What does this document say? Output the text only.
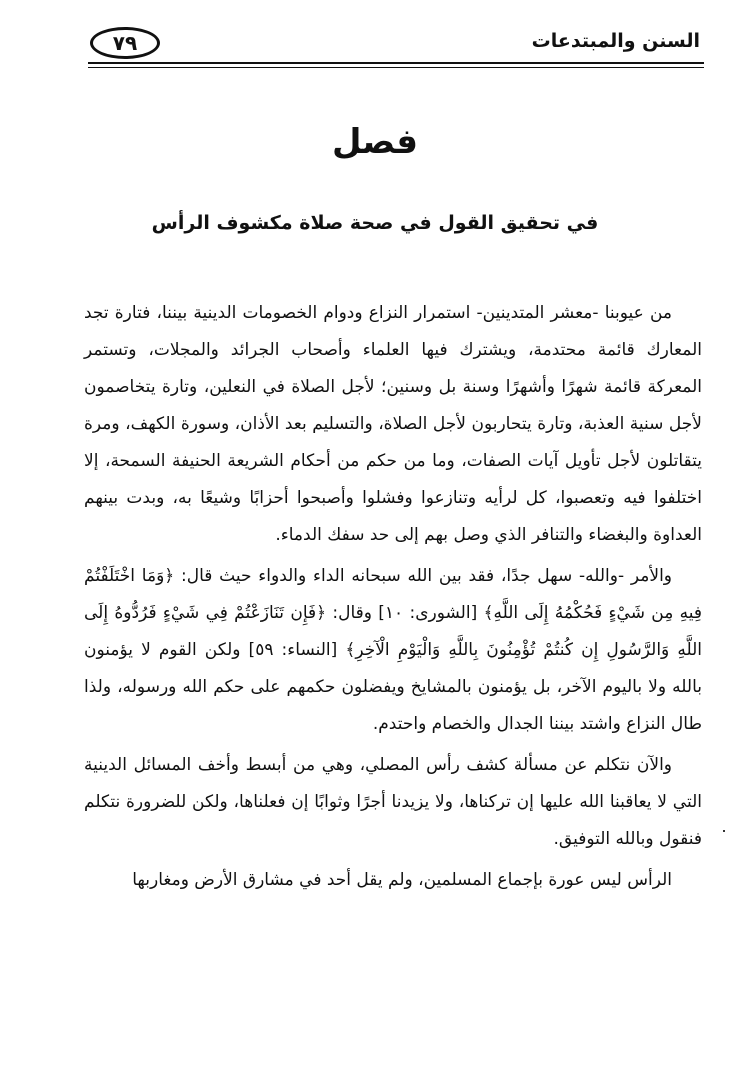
٧٩	السنن والمبتدعات
فصل
في تحقيق القول في صحة صلاة مكشوف الرأس

من عيوبنا -معشر المتدينين- استمرار النزاع ودوام الخصومات الدينية بيننا، فتارة تجد المعارك قائمة محتدمة، ويشترك فيها العلماء وأصحاب الجرائد والمجلات، وتستمر المعركة قائمة شهرًا وأشهرًا وسنة بل وسنين؛ لأجل الصلاة في النعلين، وتارة يتخاصمون لأجل سنية العذبة، وتارة يتحاربون لأجل الصلاة، والتسليم بعد الأذان، وسورة الكهف، ومرة يتقاتلون لأجل تأويل آيات الصفات، وما من حكم من أحكام الشريعة الحنيفة السمحة، إلا اختلفوا فيه وتعصبوا، كل لرأيه وتنازعوا وفشلوا وأصبحوا أحزابًا وشيعًا به، وبدت بينهم العداوة والبغضاء والتنافر الذي وصل بهم إلى حد سفك الدماء.

والأمر -والله- سهل جدًا، فقد بين الله سبحانه الداء والدواء حيث قال: ﴿وَمَا اخْتَلَفْتُمْ فِيهِ مِن شَيْءٍ فَحُكْمُهُ إِلَى اللَّهِ﴾ [الشورى: ١٠] وقال: ﴿فَإِن تَنَازَعْتُمْ فِي شَيْءٍ فَرُدُّوهُ إِلَى اللَّهِ وَالرَّسُولِ إِن كُنتُمْ تُؤْمِنُونَ بِاللَّهِ وَالْيَوْمِ الْآخِرِ﴾ [النساء: ٥٩] ولكن القوم لا يؤمنون بالله ولا باليوم الآخر، بل يؤمنون بالمشايخ ويفضلون حكمهم على حكم الله ورسوله، ولذا طال النزاع واشتد بيننا الجدال والخصام واحتدم.

والآن نتكلم عن مسألة كشف رأس المصلي، وهي من أبسط وأخف المسائل الدينية التي لا يعاقبنا الله عليها إن تركناها، ولا يزيدنا أجرًا وثوابًا إن فعلناها، ولكن للضرورة نتكلم فنقول وبالله التوفيق.

الرأس ليس عورة بإجماع المسلمين، ولم يقل أحد في مشارق الأرض ومغاربها
